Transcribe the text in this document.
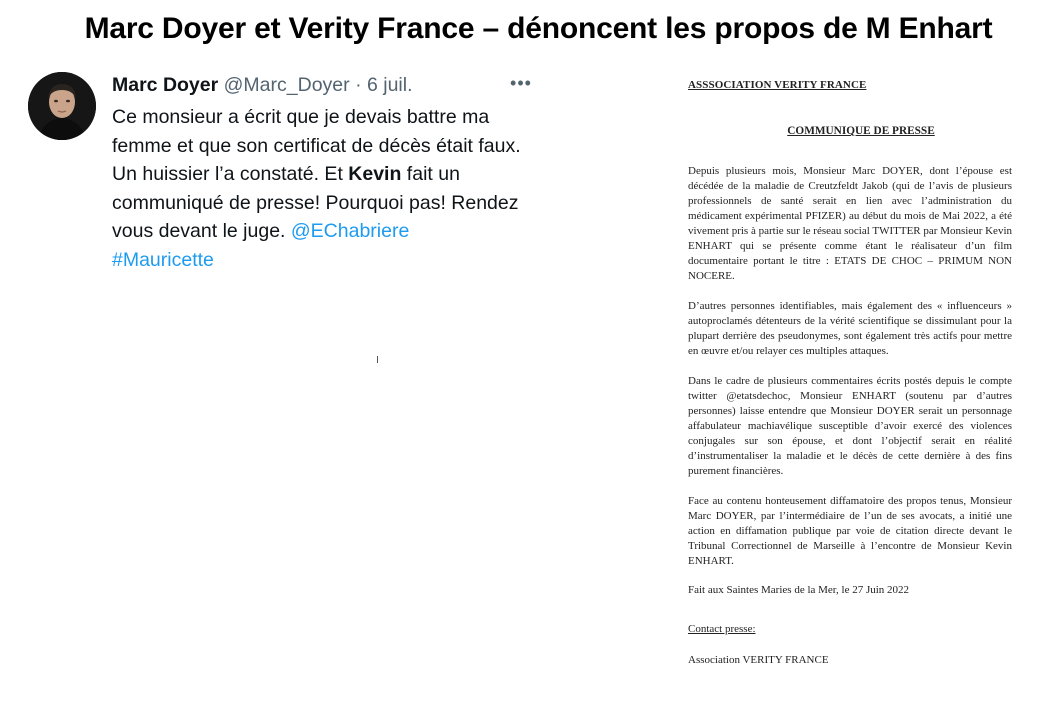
Marc Doyer et Verity France – dénoncent les propos de M Enhart
Marc Doyer @Marc_Doyer · 6 juil.	•••
Ce monsieur a écrit que je devais battre ma femme et que son certificat de décès était faux. Un huissier l’a constaté. Et Kevin fait un communiqué de presse! Pourquoi pas! Rendez vous devant le juge. @EChabriere
#Mauricette
ASSSOCIATION VERITY FRANCE
COMMUNIQUE DE PRESSE

Depuis plusieurs mois, Monsieur Marc DOYER, dont l’épouse est décédée de la maladie de Creutzfeldt Jakob (qui de l’avis de plusieurs professionnels de santé serait en lien avec l’administration du médicament expérimental PFIZER) au début du mois de Mai 2022, a été vivement pris à partie sur le réseau social TWITTER par Monsieur Kevin ENHART qui se présente comme étant le réalisateur d’un film documentaire portant le titre : ETATS DE CHOC – PRIMUM NON NOCERE.

D’autres personnes identifiables, mais également des « influenceurs » autoproclamés détenteurs de la vérité scientifique se dissimulant pour la plupart derrière des pseudonymes, sont également très actifs pour mettre en œuvre et/ou relayer ces multiples attaques.

Dans le cadre de plusieurs commentaires écrits postés depuis le compte twitter @etatsdechoc, Monsieur ENHART (soutenu par d’autres personnes) laisse entendre que Monsieur DOYER serait un personnage affabulateur machiavélique susceptible d’avoir exercé des violences conjugales sur son épouse, et dont l’objectif serait en réalité d’instrumentaliser la maladie et le décès de cette dernière à des fins purement financières.

Face au contenu honteusement diffamatoire des propos tenus, Monsieur Marc DOYER, par l’intermédiaire de l’un de ses avocats, a initié une action en diffamation publique par voie de citation directe devant le Tribunal Correctionnel de Marseille à l’encontre de Monsieur Kevin ENHART.

Fait aux Saintes Maries de la Mer, le 27 Juin 2022
Contact presse:
Association VERITY FRANCE
